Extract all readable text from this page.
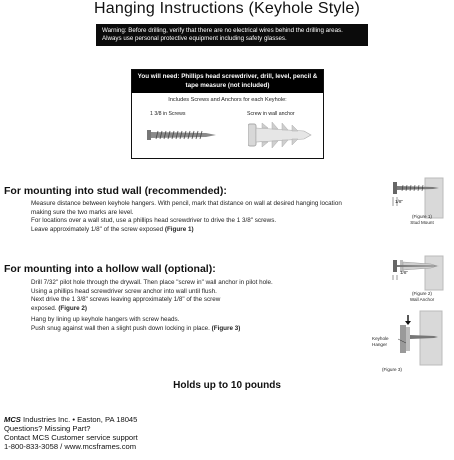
Hanging Instructions (Keyhole Style)
Warning: Before drilling, verify that there are no electrical wires behind the drilling areas. Always use personal protective equipment including safety glasses.
You will need: Phillips head screwdriver, drill, level, pencil & tape measure (not included)
Includes Screws and Anchors for each Keyhole:
1 3/8 in Screws	Screw in wall anchor
For mounting into stud wall (recommended):
Measure distance between keyhole hangers. With pencil, mark that distance on wall at desired hanging location making sure the two marks are level.
For locations over a wall stud, use a phillips head screwdriver to drive the 1 3/8" screws.
Leave approximately 1/8" of the screw exposed (Figure 1)
For mounting into a hollow wall (optional):
Drill 7/32" pilot hole through the drywall. Then place "screw in" wall anchor in pilot hole.
Using a phillips head screwdriver screw anchor into wall until flush.
Next drive the 1 3/8" screws leaving approximately 1/8" of the screw
exposed. (Figure 2)
Hang by lining up keyhole hangers with screw heads.
Push snug against wall then a slight push down locking in place. (Figure 3)
1/8"
(Figure 1)
Stud Mount
1/8"
(Figure 2)
Wall Anchor
Keyhole
Hanger
(Figure 3)
Holds up to 10 pounds
MCS Industries Inc. • Easton, PA 18045
Questions? Missing Part?
Contact MCS Customer service support
1-800-833-3058 / www.mcsframes.com
